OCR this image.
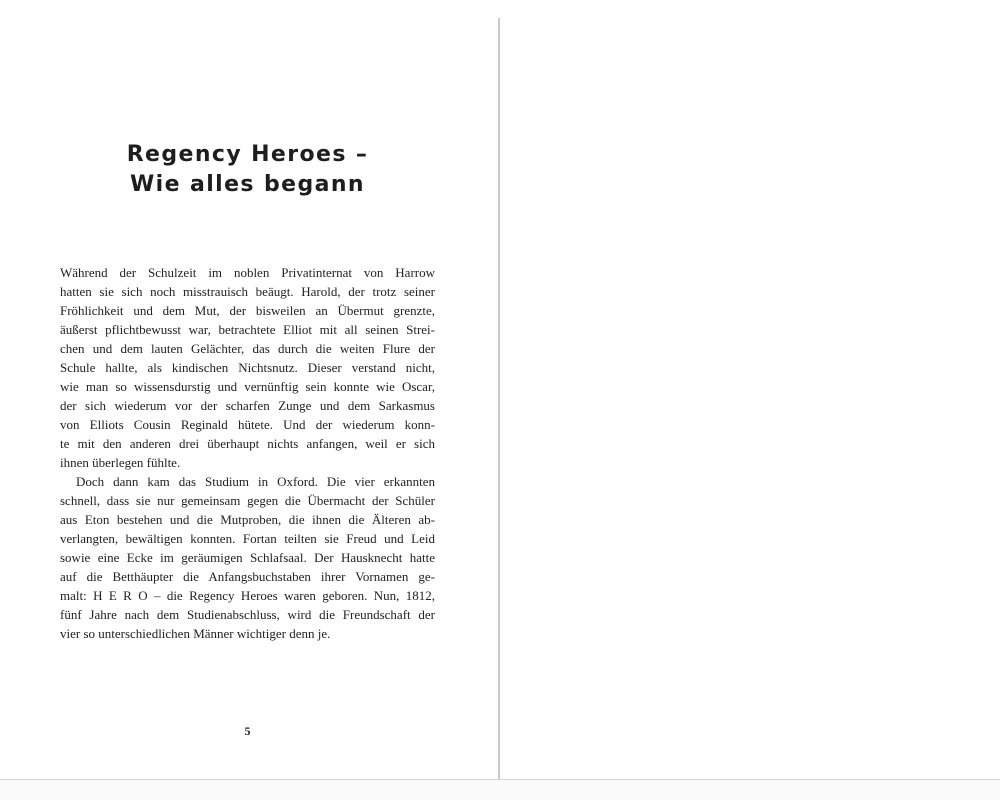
Regency Heroes –
Wie alles begann
Während der Schulzeit im noblen Privatinternat von Harrow
hatten sie sich noch misstrauisch beäugt. Harold, der trotz seiner
Fröhlichkeit und dem Mut, der bisweilen an Übermut grenzte,
äußerst pflichtbewusst war, betrachtete Elliot mit all seinen Strei-
chen und dem lauten Gelächter, das durch die weiten Flure der
Schule hallte, als kindischen Nichtsnutz. Dieser verstand nicht,
wie man so wissensdurstig und vernünftig sein konnte wie Oscar,
der sich wiederum vor der scharfen Zunge und dem Sarkasmus
von Elliots Cousin Reginald hütete. Und der wiederum konn-
te mit den anderen drei überhaupt nichts anfangen, weil er sich
ihnen überlegen fühlte.
Doch dann kam das Studium in Oxford. Die vier erkannten
schnell, dass sie nur gemeinsam gegen die Übermacht der Schüler
aus Eton bestehen und die Mutproben, die ihnen die Älteren ab-
verlangten, bewältigen konnten. Fortan teilten sie Freud und Leid
sowie eine Ecke im geräumigen Schlafsaal. Der Hausknecht hatte
auf die Betthäupter die Anfangsbuchstaben ihrer Vornamen ge-
malt: H E R O – die Regency Heroes waren geboren. Nun, 1812,
fünf Jahre nach dem Studienabschluss, wird die Freundschaft der
vier so unterschiedlichen Männer wichtiger denn je.
5
